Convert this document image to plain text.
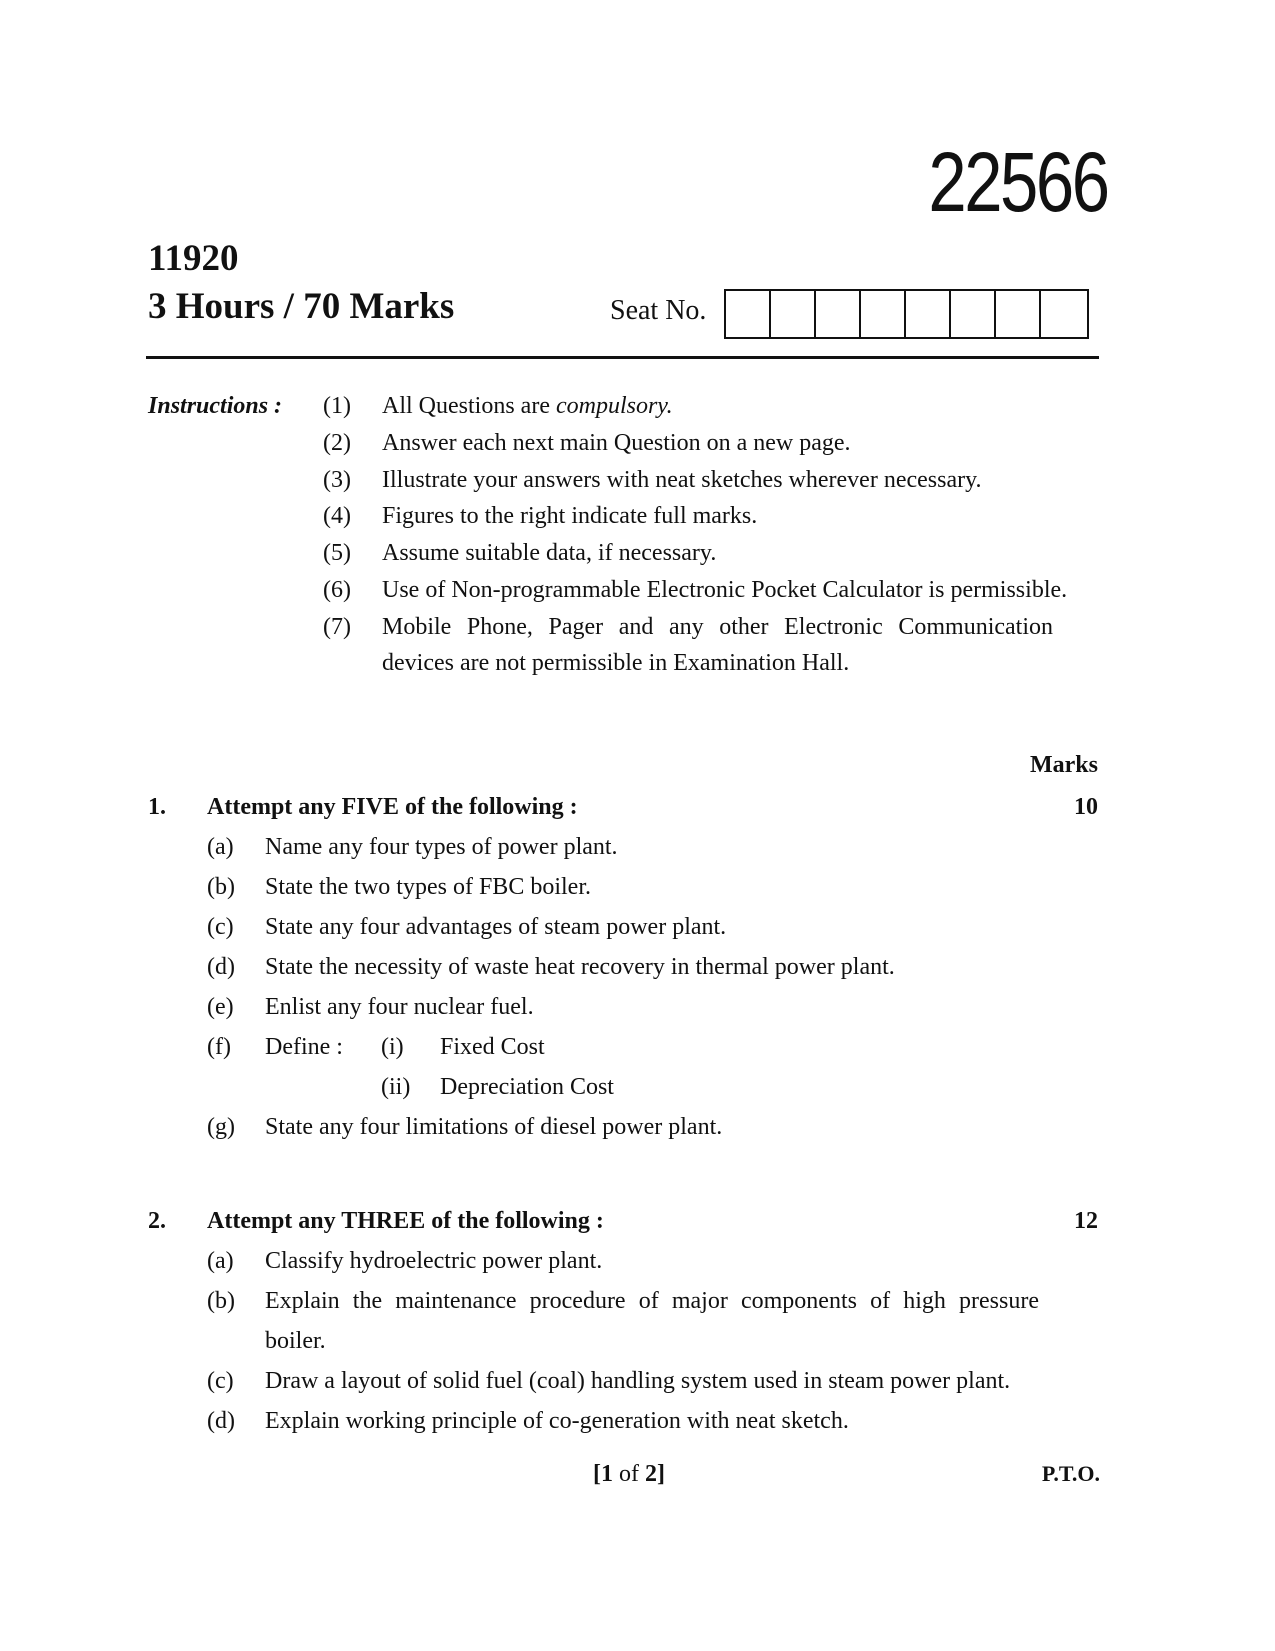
22566
11920
3 Hours / 70 Marks	Seat No.
Instructions : (1) All Questions are compulsory.
(2) Answer each next main Question on a new page.
(3) Illustrate your answers with neat sketches wherever necessary.
(4) Figures to the right indicate full marks.
(5) Assume suitable data, if necessary.
(6) Use of Non-programmable Electronic Pocket Calculator is permissible.
(7) Mobile Phone, Pager and any other Electronic Communication
devices are not permissible in Examination Hall.
Marks
1. Attempt any FIVE of the following :	10
(a) Name any four types of power plant.
(b) State the two types of FBC boiler.
(c) State any four advantages of steam power plant.
(d) State the necessity of waste heat recovery in thermal power plant.
(e) Enlist any four nuclear fuel.
(f) Define : (i) Fixed Cost
(ii) Depreciation Cost
(g) State any four limitations of diesel power plant.
2. Attempt any THREE of the following :	12
(a) Classify hydroelectric power plant.
(b) Explain the maintenance procedure of major components of high pressure
boiler.
(c) Draw a layout of solid fuel (coal) handling system used in steam power plant.
(d) Explain working principle of co-generation with neat sketch.
[1 of 2]	P.T.O.
